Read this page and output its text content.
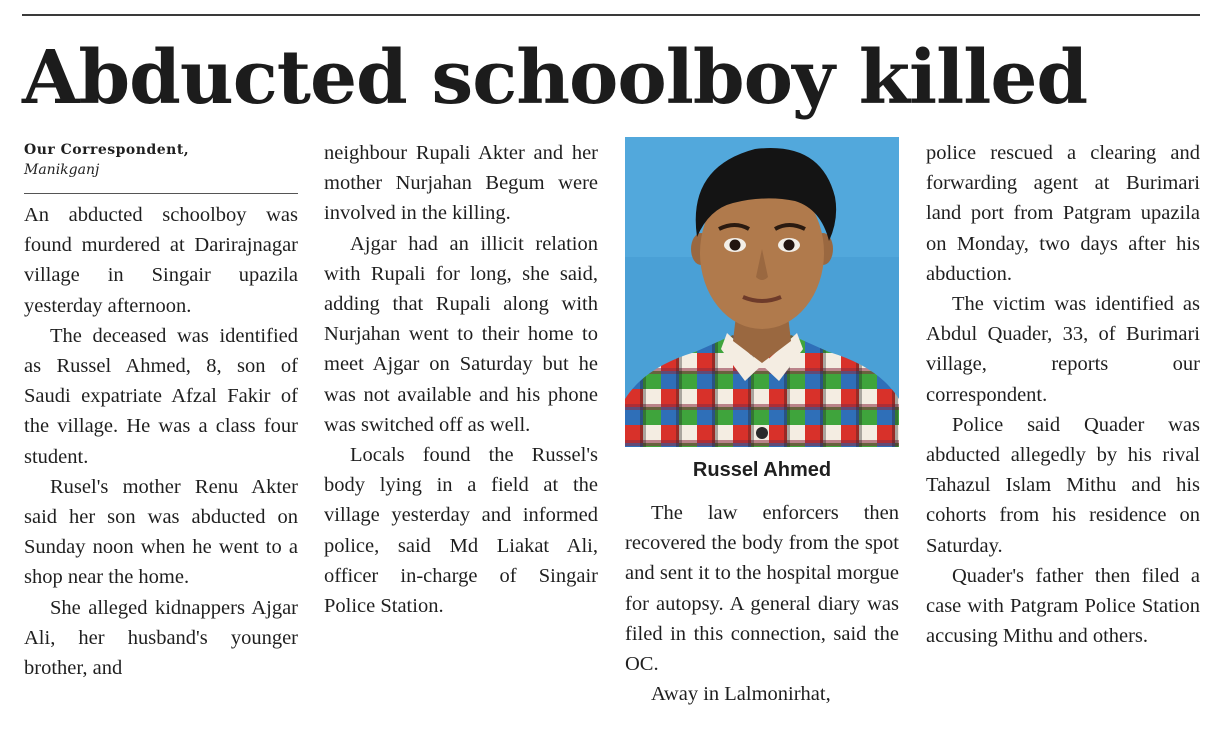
Abducted schoolboy killed
Our Correspondent,
Manikganj

An abducted schoolboy was found murdered at Darirajnagar village in Singair upazila yesterday afternoon.

The deceased was identified as Russel Ahmed, 8, son of Saudi expatriate Afzal Fakir of the village. He was a class four student.

Rusel's mother Renu Akter said her son was abducted on Sunday noon when he went to a shop near the home.

She alleged kidnappers Ajgar Ali, her husband's younger brother, and

neighbour Rupali Akter and her mother Nurjahan Begum were involved in the killing.

Ajgar had an illicit relation with Rupali for long, she said, adding that Rupali along with Nurjahan went to their home to meet Ajgar on Saturday but he was not available and his phone was switched off as well.

Locals found the Russel's body lying in a field at the village yesterday and informed police, said Md Liakat Ali, officer in-charge of Singair Police Station.

Russel Ahmed

The law enforcers then recovered the body from the spot and sent it to the hospital morgue for autopsy. A general diary was filed in this connection, said the OC.

Away in Lalmonirhat,

police rescued a clearing and forwarding agent at Burimari land port from Patgram upazila on Monday, two days after his abduction.

The victim was identified as Abdul Quader, 33, of Burimari village, reports our correspondent.

Police said Quader was abducted allegedly by his rival Tahazul Islam Mithu and his cohorts from his residence on Saturday.

Quader's father then filed a case with Patgram Police Station accusing Mithu and others.
